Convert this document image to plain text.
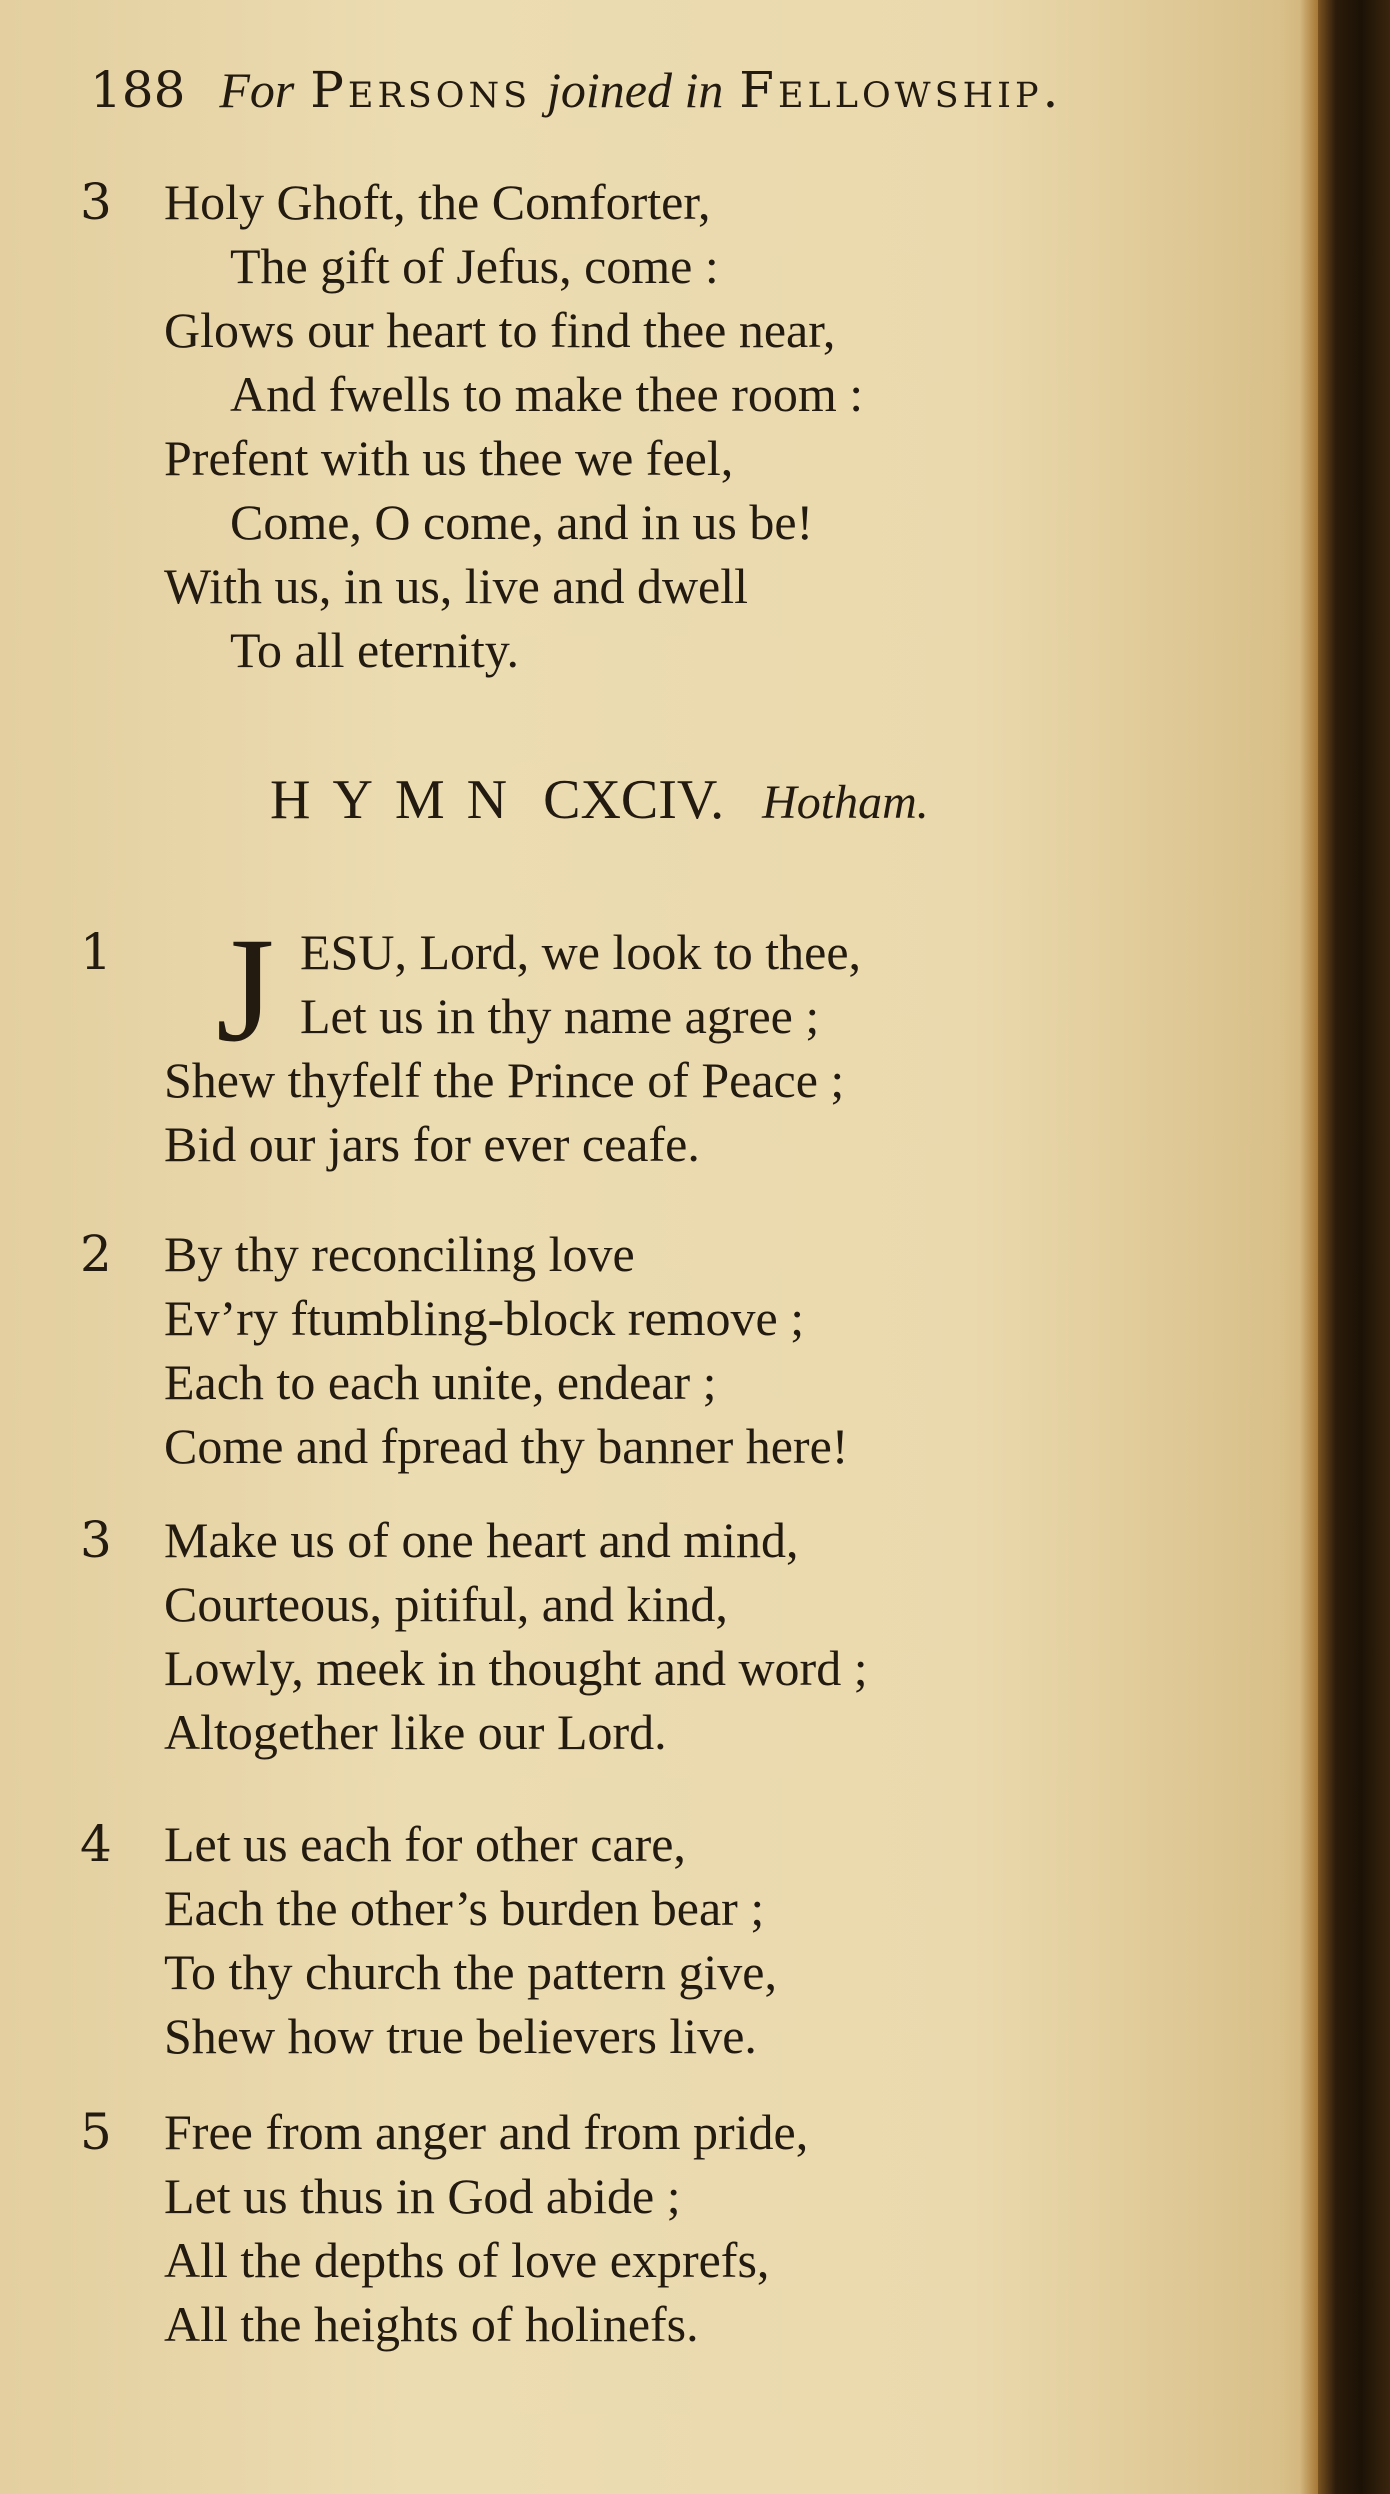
188 For Persons joined in Fellowship.
3	Holy Ghoft, the Comforter,
The gift of Jefus, come :
Glows our heart to find thee near,
And fwells to make thee room :
Prefent with us thee we feel,
Come, O come, and in us be!
With us, in us, live and dwell
To all eternity.
HYMN CXCIV. Hotham.
1 J ESU, Lord, we look to thee,
Let us in thy name agree ;
Shew thyfelf the Prince of Peace ;
Bid our jars for ever ceafe.
2	By thy reconciling love
Ev’ry ftumbling-block remove ;
Each to each unite, endear ;
Come and fpread thy banner here!
3	Make us of one heart and mind,
Courteous, pitiful, and kind,
Lowly, meek in thought and word ;
Altogether like our Lord.
4	Let us each for other care,
Each the other’s burden bear ;
To thy church the pattern give,
Shew how true believers live.
5	Free from anger and from pride,
Let us thus in God abide ;
All the depths of love exprefs,
All the heights of holinefs.
